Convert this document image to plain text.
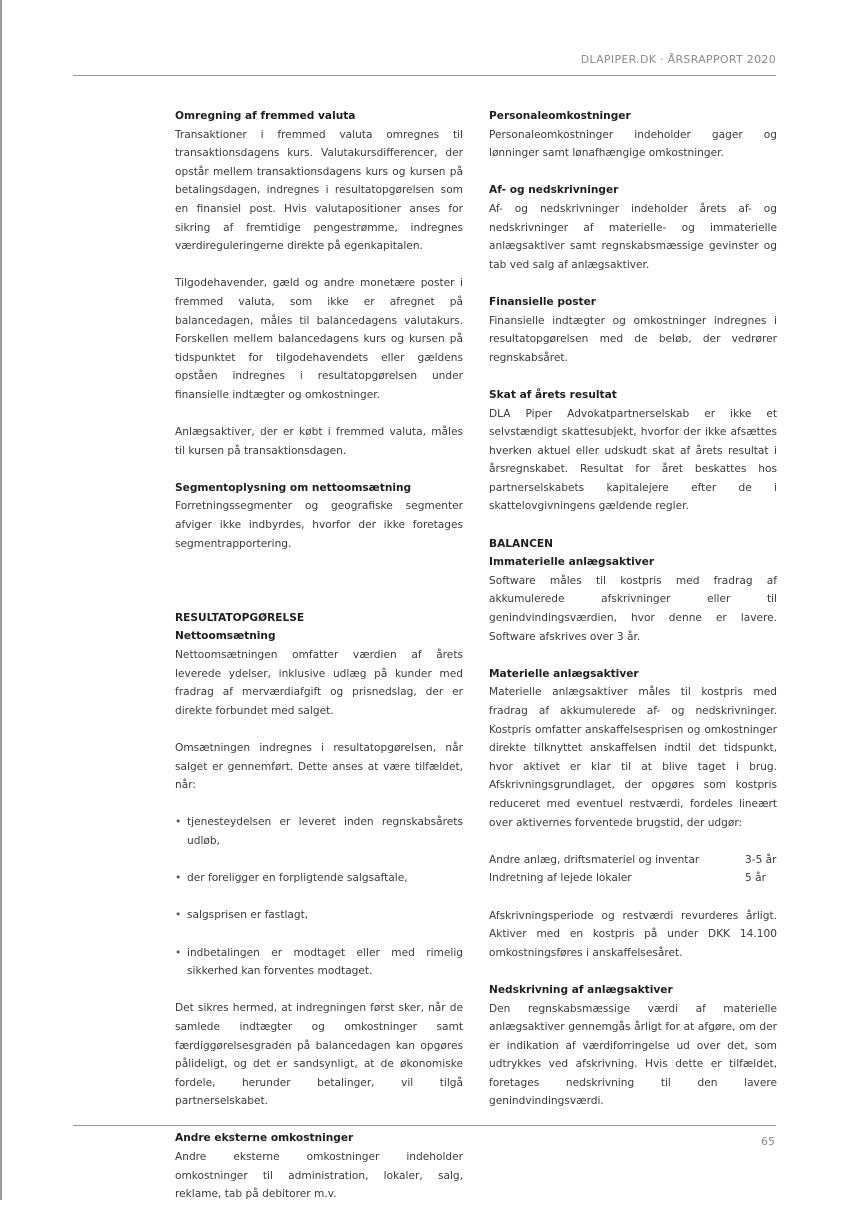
DLAPIPER.DK · ÅRSRAPPORT 2020
Omregning af fremmed valuta
Transaktioner i fremmed valuta omregnes til transaktionsdagens kurs. Valutakursdifferencer, der opstår mellem transaktionsdagens kurs og kursen på betalingsdagen, indregnes i resultatopgørelsen som en finansiel post. Hvis valutapositioner anses for sikring af fremtidige pengestrømme, indregnes værdireguleringerne direkte på egenkapitalen.
Tilgodehavender, gæld og andre monetære poster i fremmed valuta, som ikke er afregnet på balancedagen, måles til balancedagens valutakurs. Forskellen mellem balancedagens kurs og kursen på tidspunktet for tilgodehavendets eller gældens opståen indregnes i resultatopgørelsen under finansielle indtægter og omkostninger.
Anlægsaktiver, der er købt i fremmed valuta, måles til kursen på transaktionsdagen.
Segmentoplysning om nettoomsætning
Forretningssegmenter og geografiske segmenter afviger ikke indbyrdes, hvorfor der ikke foretages segmentrapportering.
RESULTATOPGØRELSE
Nettoomsætning
Nettoomsætningen omfatter værdien af årets leverede ydelser, inklusive udlæg på kunder med fradrag af merværdiafgift og prisnedslag, der er direkte forbundet med salget.
Omsætningen indregnes i resultatopgørelsen, når salget er gennemført. Dette anses at være tilfældet, når:
• tjenesteydelsen er leveret inden regnskabsårets udløb,
• der foreligger en forpligtende salgsaftale,
• salgsprisen er fastlagt,
• indbetalingen er modtaget eller med rimelig sikkerhed kan forventes modtaget.
Det sikres hermed, at indregningen først sker, når de samlede indtægter og omkostninger samt færdiggørelsesgraden på balancedagen kan opgøres pålideligt, og det er sandsynligt, at de økonomiske fordele, herunder betalinger, vil tilgå partnerselskabet.
Andre eksterne omkostninger
Andre eksterne omkostninger indeholder omkostninger til administration, lokaler, salg, reklame, tab på debitorer m.v.
Personaleomkostninger
Personaleomkostninger indeholder gager og lønninger samt lønafhængige omkostninger.
Af- og nedskrivninger
Af- og nedskrivninger indeholder årets af- og nedskrivninger af materielle- og immaterielle anlægsaktiver samt regnskabsmæssige gevinster og tab ved salg af anlægsaktiver.
Finansielle poster
Finansielle indtægter og omkostninger indregnes i resultatopgørelsen med de beløb, der vedrører regnskabsåret.
Skat af årets resultat
DLA Piper Advokatpartnerselskab er ikke et selvstændigt skattesubjekt, hvorfor der ikke afsættes hverken aktuel eller udskudt skat af årets resultat i årsregnskabet. Resultat for året beskattes hos partnerselskabets kapitalejere efter de i skattelovgivningens gældende regler.
BALANCEN
Immaterielle anlægsaktiver
Software måles til kostpris med fradrag af akkumulerede afskrivninger eller til genindvindingsværdien, hvor denne er lavere. Software afskrives over 3 år.
Materielle anlægsaktiver
Materielle anlægsaktiver måles til kostpris med fradrag af akkumulerede af- og nedskrivninger. Kostpris omfatter anskaffelsesprisen og omkostninger direkte tilknyttet anskaffelsen indtil det tidspunkt, hvor aktivet er klar til at blive taget i brug. Afskrivningsgrundlaget, der opgøres som kostpris reduceret med eventuel restværdi, fordeles lineært over aktivernes forventede brugstid, der udgør:
Andre anlæg, driftsmateriel og inventar	3-5 år
Indretning af lejede lokaler	5 år
Afskrivningsperiode og restværdi revurderes årligt. Aktiver med en kostpris på under DKK 14.100 omkostningsføres i anskaffelsesåret.
Nedskrivning af anlægsaktiver
Den regnskabsmæssige værdi af materielle anlægsaktiver gennemgås årligt for at afgøre, om der er indikation af værdiforringelse ud over det, som udtrykkes ved afskrivning. Hvis dette er tilfældet, foretages nedskrivning til den lavere genindvindingsværdi.
65
